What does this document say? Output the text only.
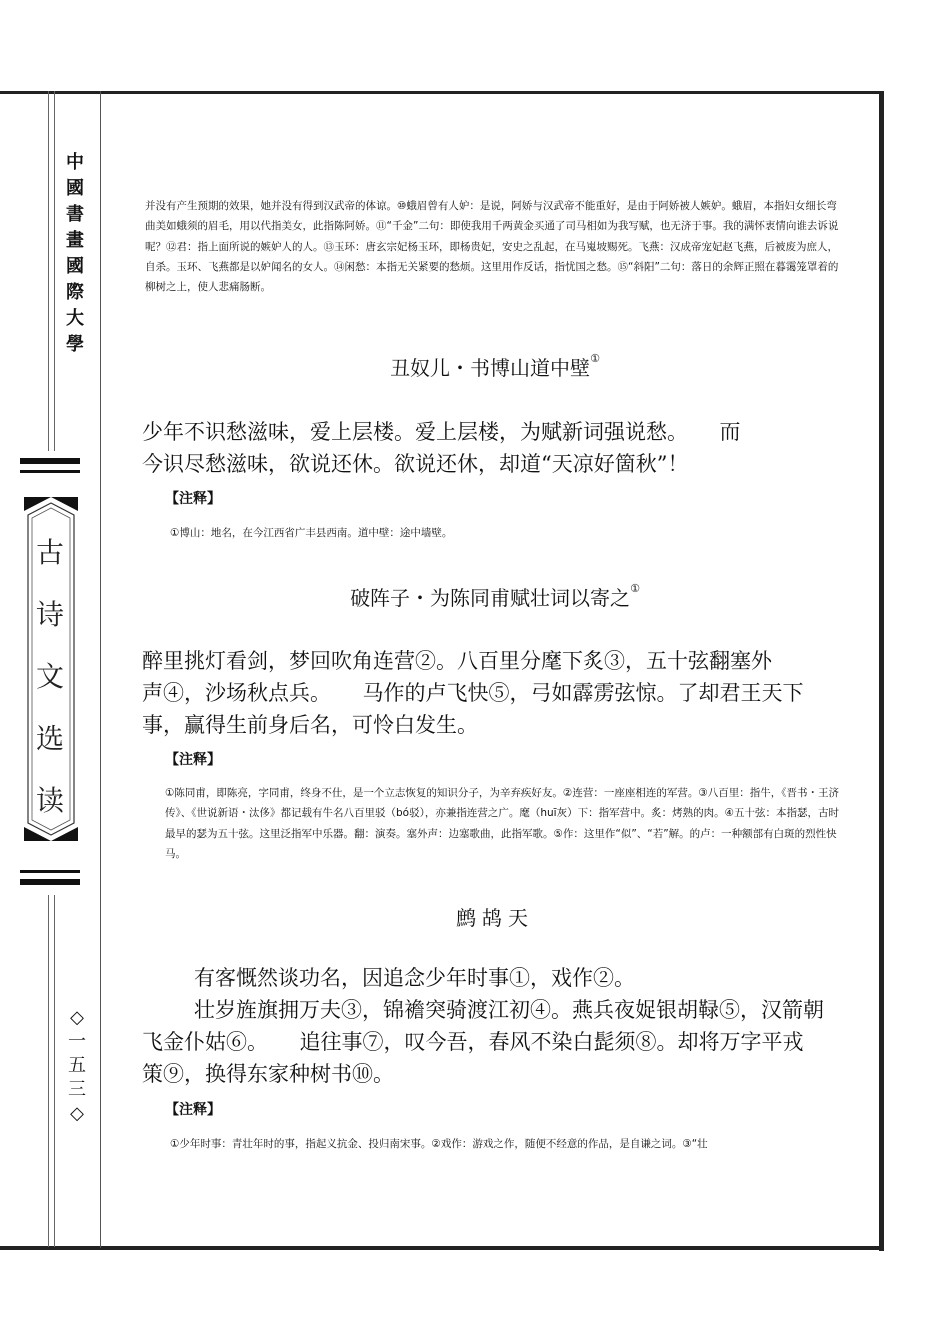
中
國
書
畫
國
際
大
學
古
诗
文
选
读
◇
一
五
三
◇
并没有产生预期的效果，她并没有得到汉武帝的体谅。⑩蛾眉曾有人妒：是说，阿娇与汉武帝不能重好，是由于阿娇被人嫉妒。蛾眉，本指妇女细长弯曲美如蛾须的眉毛，用以代指美女，此指陈阿娇。⑪“千金”二句：即使我用千两黄金买通了司马相如为我写赋，也无济于事。我的满怀衷情向谁去诉说呢？⑫君：指上面所说的嫉妒人的人。⑬玉环：唐玄宗妃杨玉环，即杨贵妃，安史之乱起，在马嵬坡赐死。飞燕：汉成帝宠妃赵飞燕，后被废为庶人，自杀。玉环、飞燕都是以妒闻名的女人。⑭闲愁：本指无关紧要的愁烦。这里用作反话，指忧国之愁。⑮“斜阳”二句：落日的余辉正照在暮霭笼罩着的柳树之上，使人悲痛肠断。
丑奴儿・书博山道中壁①
少年不识愁滋味，爱上层楼。爱上层楼，为赋新词强说愁。　　而
今识尽愁滋味，欲说还休。欲说还休，却道“天凉好箇秋”！
【注释】
①博山：地名，在今江西省广丰县西南。道中壁：途中墙壁。
破阵子・为陈同甫赋壮词以寄之①
醉里挑灯看剑，梦回吹角连营②。八百里分麾下炙③，五十弦翻塞外
声④，沙场秋点兵。　　马作的卢飞快⑤，弓如霹雳弦惊。了却君王天下
事，赢得生前身后名，可怜白发生。
【注释】
①陈同甫，即陈亮，字同甫，终身不仕，是一个立志恢复的知识分子，为辛弃疾好友。②连营：一座座相连的军营。③八百里：指牛，《晋书・王济传》、《世说新语・汰侈》都记载有牛名八百里驳（bó驳），亦兼指连营之广。麾（huī灰）下：指军营中。炙：烤熟的肉。④五十弦：本指瑟，古时最早的瑟为五十弦。这里泛指军中乐器。翻：演奏。塞外声：边塞歌曲，此指军歌。⑤作：这里作“似”、“若”解。的卢：一种额部有白斑的烈性快马。
鹧鸪天
有客慨然谈功名，因追念少年时事①，戏作②。
壮岁旌旗拥万夫③，锦襜突骑渡江初④。燕兵夜娖银胡䩮⑤，汉箭朝
飞金仆姑⑥。　　追往事⑦，叹今吾，春风不染白髭须⑧。却将万字平戎
策⑨，换得东家种树书⑩。
【注释】
①少年时事：青壮年时的事，指起义抗金、投归南宋事。②戏作：游戏之作，随便不经意的作品，是自谦之词。③“壮
